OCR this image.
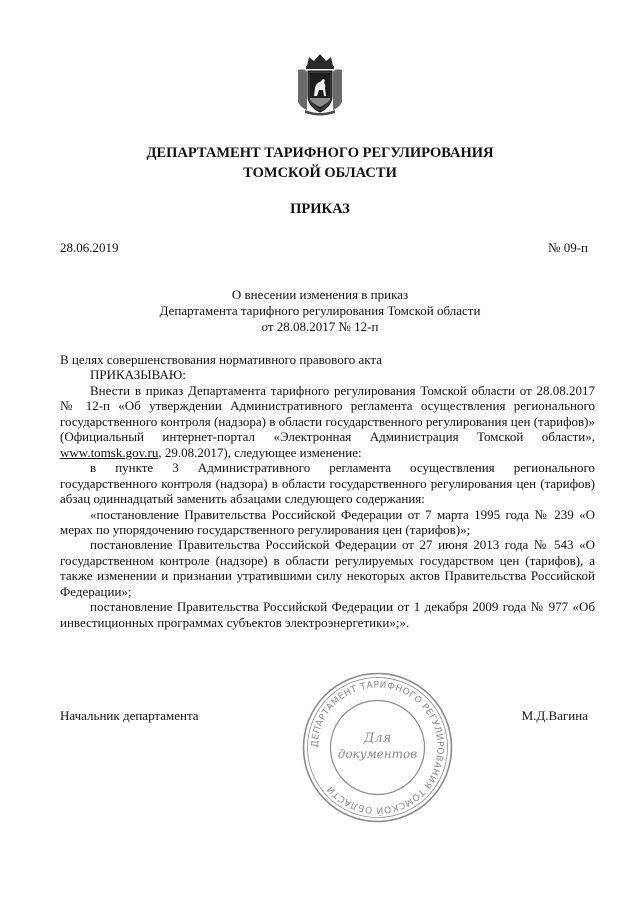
ДЕПАРТАМЕНТ ТАРИФНОГО РЕГУЛИРОВАНИЯ
ТОМСКОЙ ОБЛАСТИ
ПРИКАЗ
28.06.2019	№ 09-п
О внесении изменения в приказ
Департамента тарифного регулирования Томской области
от 28.08.2017 № 12-п

В целях совершенствования нормативного правового акта

ПРИКАЗЫВАЮ:

Внести в приказ Департамента тарифного регулирования Томской области от 28.08.2017 № 12-п «Об утверждении Административного регламента осуществления регионального государственного контроля (надзора) в области государственного регулирования цен (тарифов)» (Официальный интернет-портал «Электронная Администрация Томской области», www.tomsk.gov.ru, 29.08.2017), следующее изменение:

в пункте 3 Административного регламента осуществления регионального государственного контроля (надзора) в области государственного регулирования цен (тарифов) абзац одиннадцатый заменить абзацами следующего содержания:

«постановление Правительства Российской Федерации от 7 марта 1995 года № 239 «О мерах по упорядочению государственного регулирования цен (тарифов)»;

постановление Правительства Российской Федерации от 27 июня 2013 года № 543 «О государственном контроле (надзоре) в области регулируемых государством цен (тарифов), а также изменении и признании утратившими силу некоторых актов Правительства Российской Федерации»;

постановление Правительства Российской Федерации от 1 декабря 2009 года № 977 «Об инвестиционных программах субъектов электроэнергетики»;».

ДЕПАРТАМЕНТ ТАРИФНОГО РЕГУЛИРОВАНИЯ ТОМСКОЙ ОБЛАСТИ
Для
документов
Начальник департамента	М.Д.Вагина
